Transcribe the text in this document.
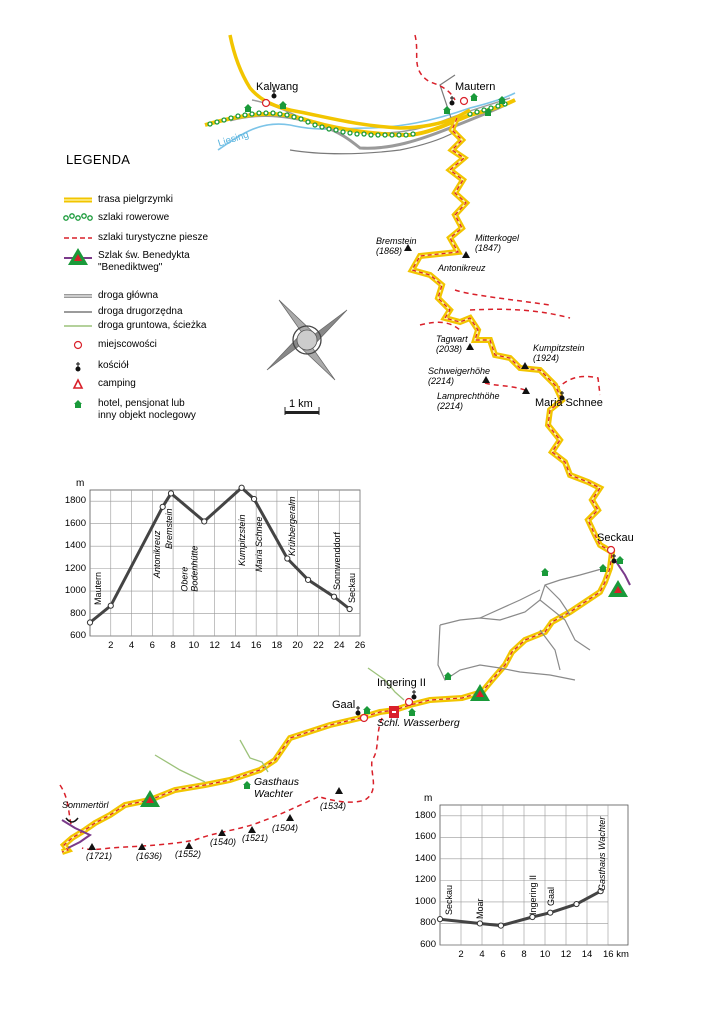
LEGENDA
trasa pielgrzymki
szlaki rowerowe
szlaki turystyczne piesze
Szlak św. Benedykta
"Benediktweg"
droga główna
droga drugorzędna
droga gruntowa, ścieżka
miejscowości
kościół
camping
hotel, pensjonat lub
inny objekt noclegowy
1 km
Kalwang	Mautern
Liesing
Bremstein
(1868)
Mitterkogel
(1847)
Antonikreuz
Tagwart
(2038)	Kumpitzstein
(1924)
Schweigerhöhe
(2214)
Lamprechthöhe
(2214)	Maria Schnee
Seckau
Ingering II
Gaal
Schl. Wasserberg
Gasthaus
Wachter
Sommertörl	(1534)
(1504)
(1521)
(1540)
(1552)
(1636)
(1721)
m
1800
1600
1400
1200
1000
800
600
2	4	6	8	10	12	14	16	18	20	22	24	26
Mautern
Antonikreuz
Bremstein
Obere
Bodenhütte
Kumpitzstein Maria Schnee	Krühbergeralm
Sonnwenddorf Seckau
m
1800
1600
1400
1200
1000
800
600
2	4	6	8	10	12	14	16 km
Seckau Moar	Ingering II Gaal
Gasthaus Wachter
